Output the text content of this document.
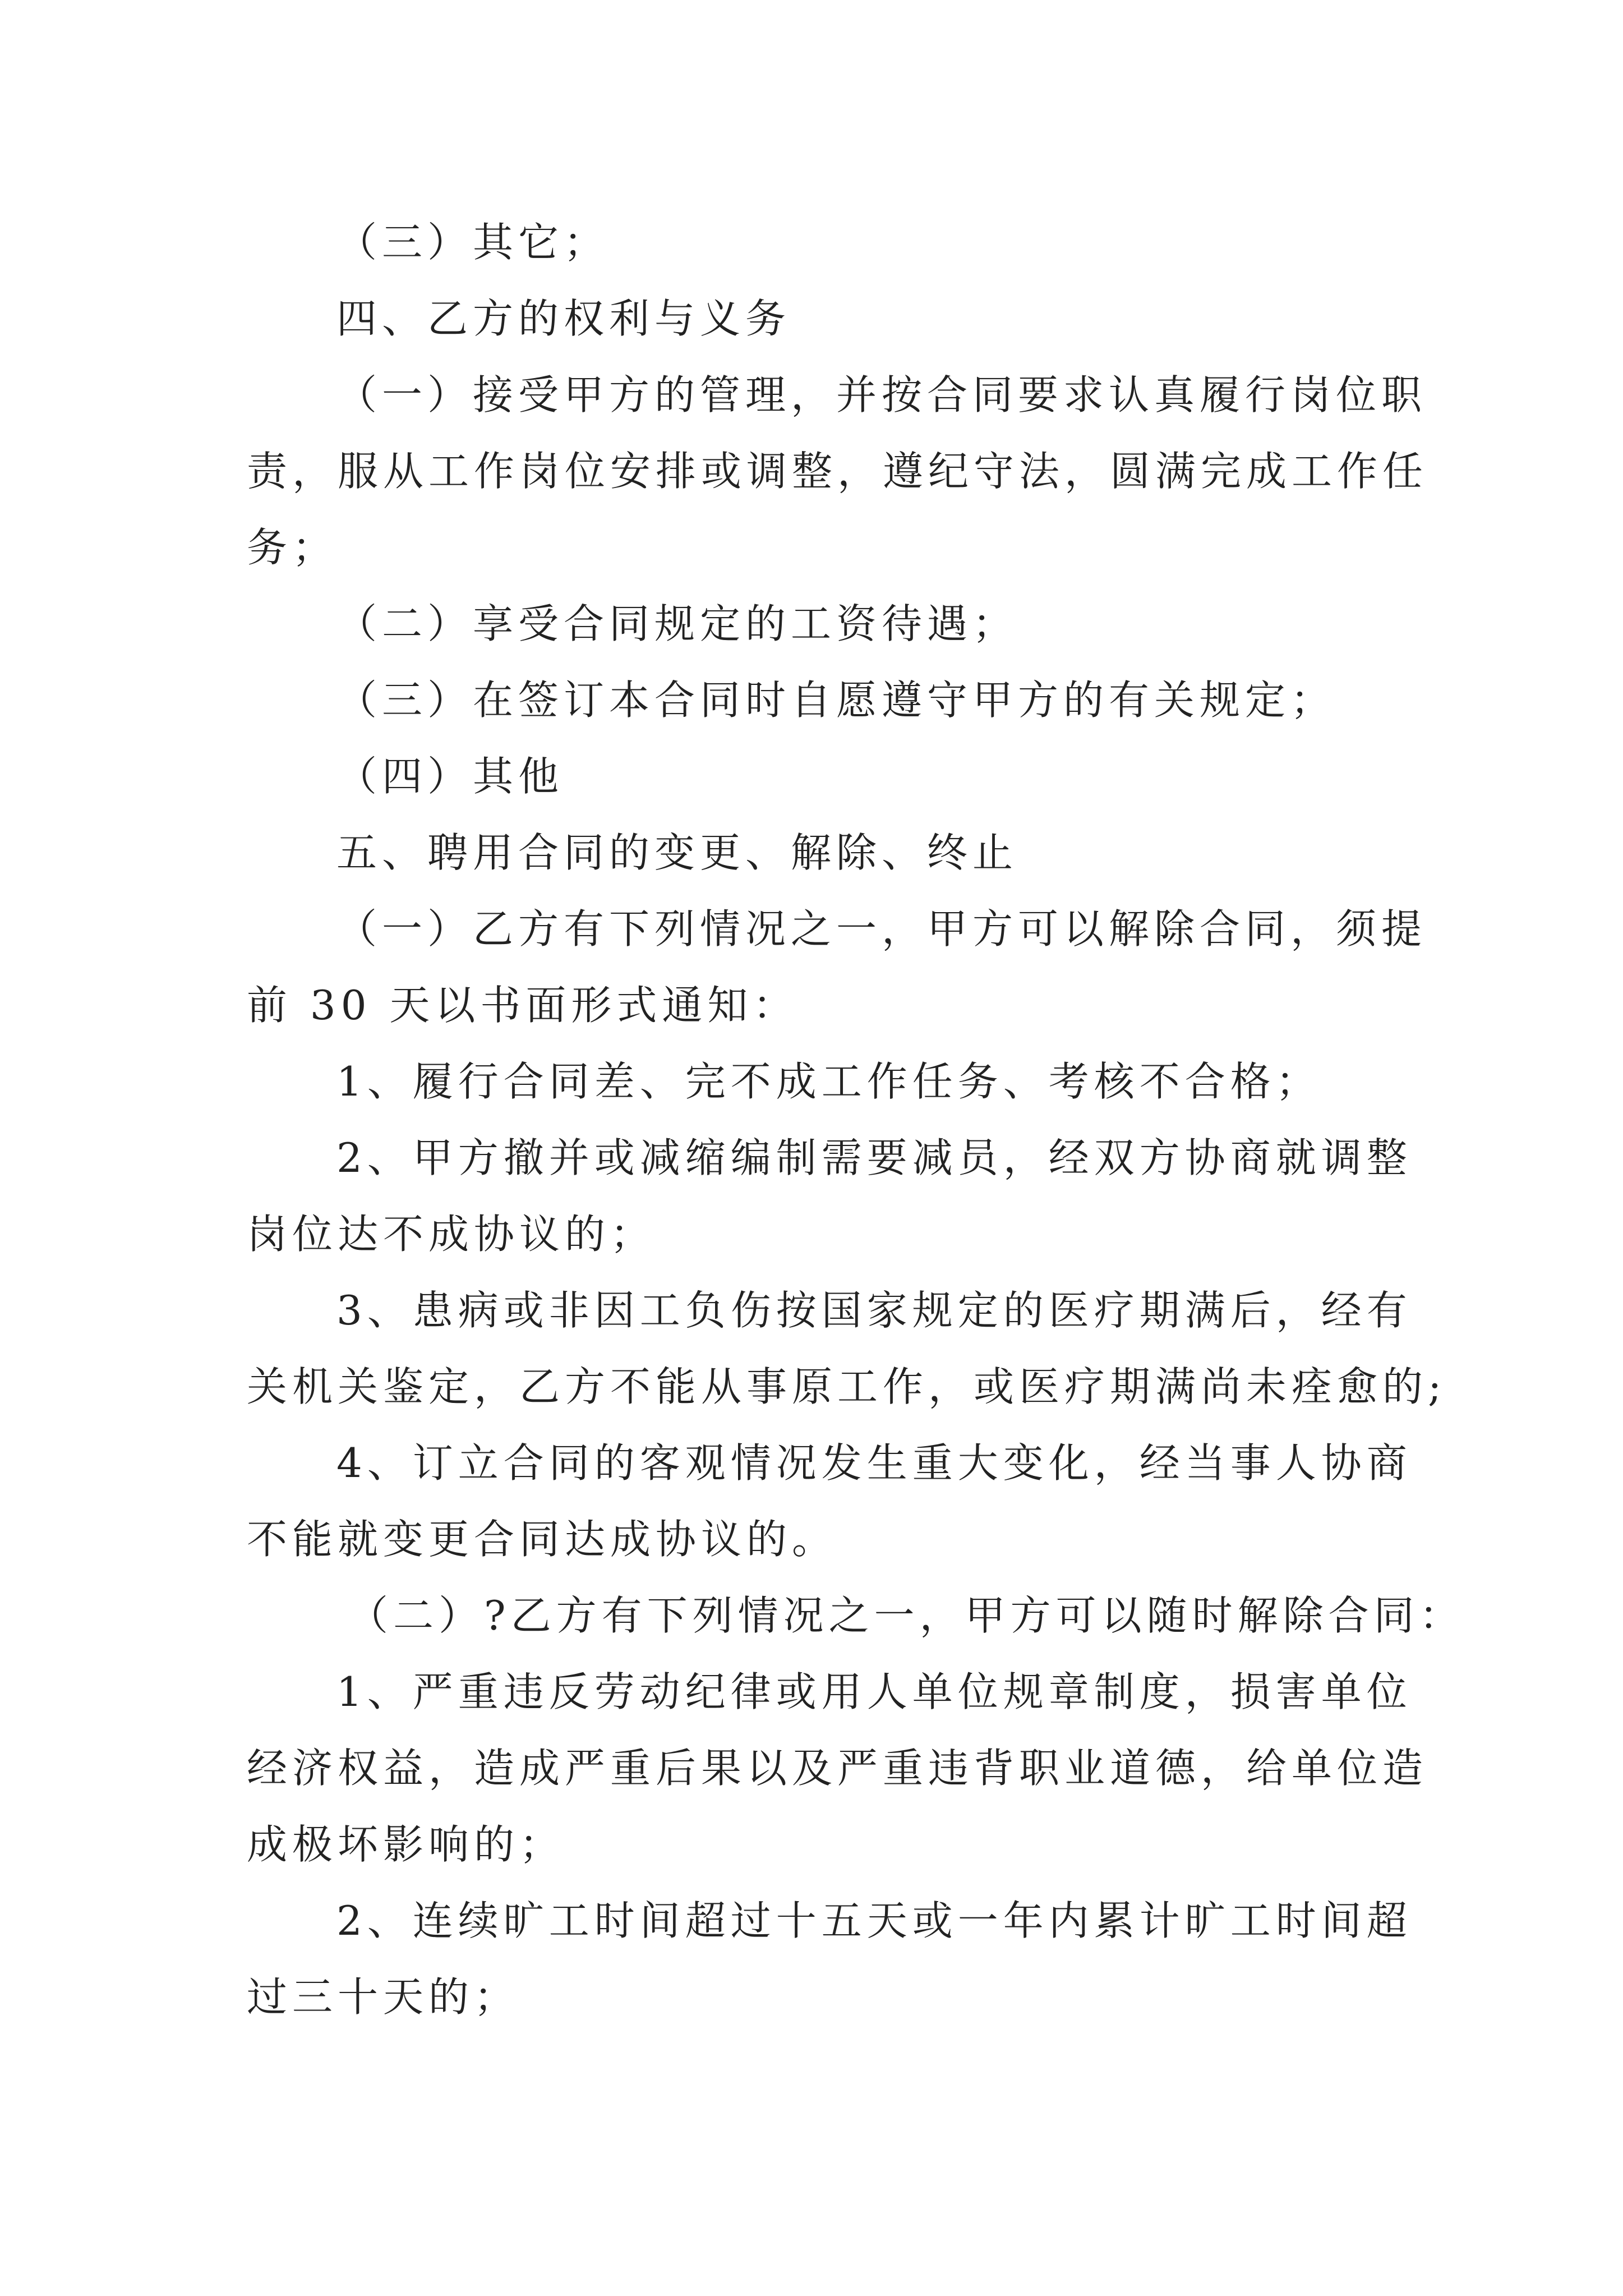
（三）其它；
四、乙方的权利与义务
（一）接受甲方的管理，并按合同要求认真履行岗位职
责，服从工作岗位安排或调整，遵纪守法，圆满完成工作任
务；
（二）享受合同规定的工资待遇；
（三）在签订本合同时自愿遵守甲方的有关规定；
（四）其他
五、聘用合同的变更、解除、终止
（一）乙方有下列情况之一，甲方可以解除合同，须提
前 30 天以书面形式通知：
1、履行合同差、完不成工作任务、考核不合格；
2、甲方撤并或减缩编制需要减员，经双方协商就调整
岗位达不成协议的；
3、患病或非因工负伤按国家规定的医疗期满后，经有
关机关鉴定，乙方不能从事原工作，或医疗期满尚未痊愈的;
4、订立合同的客观情况发生重大变化，经当事人协商
不能就变更合同达成协议的。
（二）?乙方有下列情况之一，甲方可以随时解除合同：
1、严重违反劳动纪律或用人单位规章制度，损害单位
经济权益，造成严重后果以及严重违背职业道德，给单位造
成极坏影响的；
2、连续旷工时间超过十五天或一年内累计旷工时间超
过三十天的；
